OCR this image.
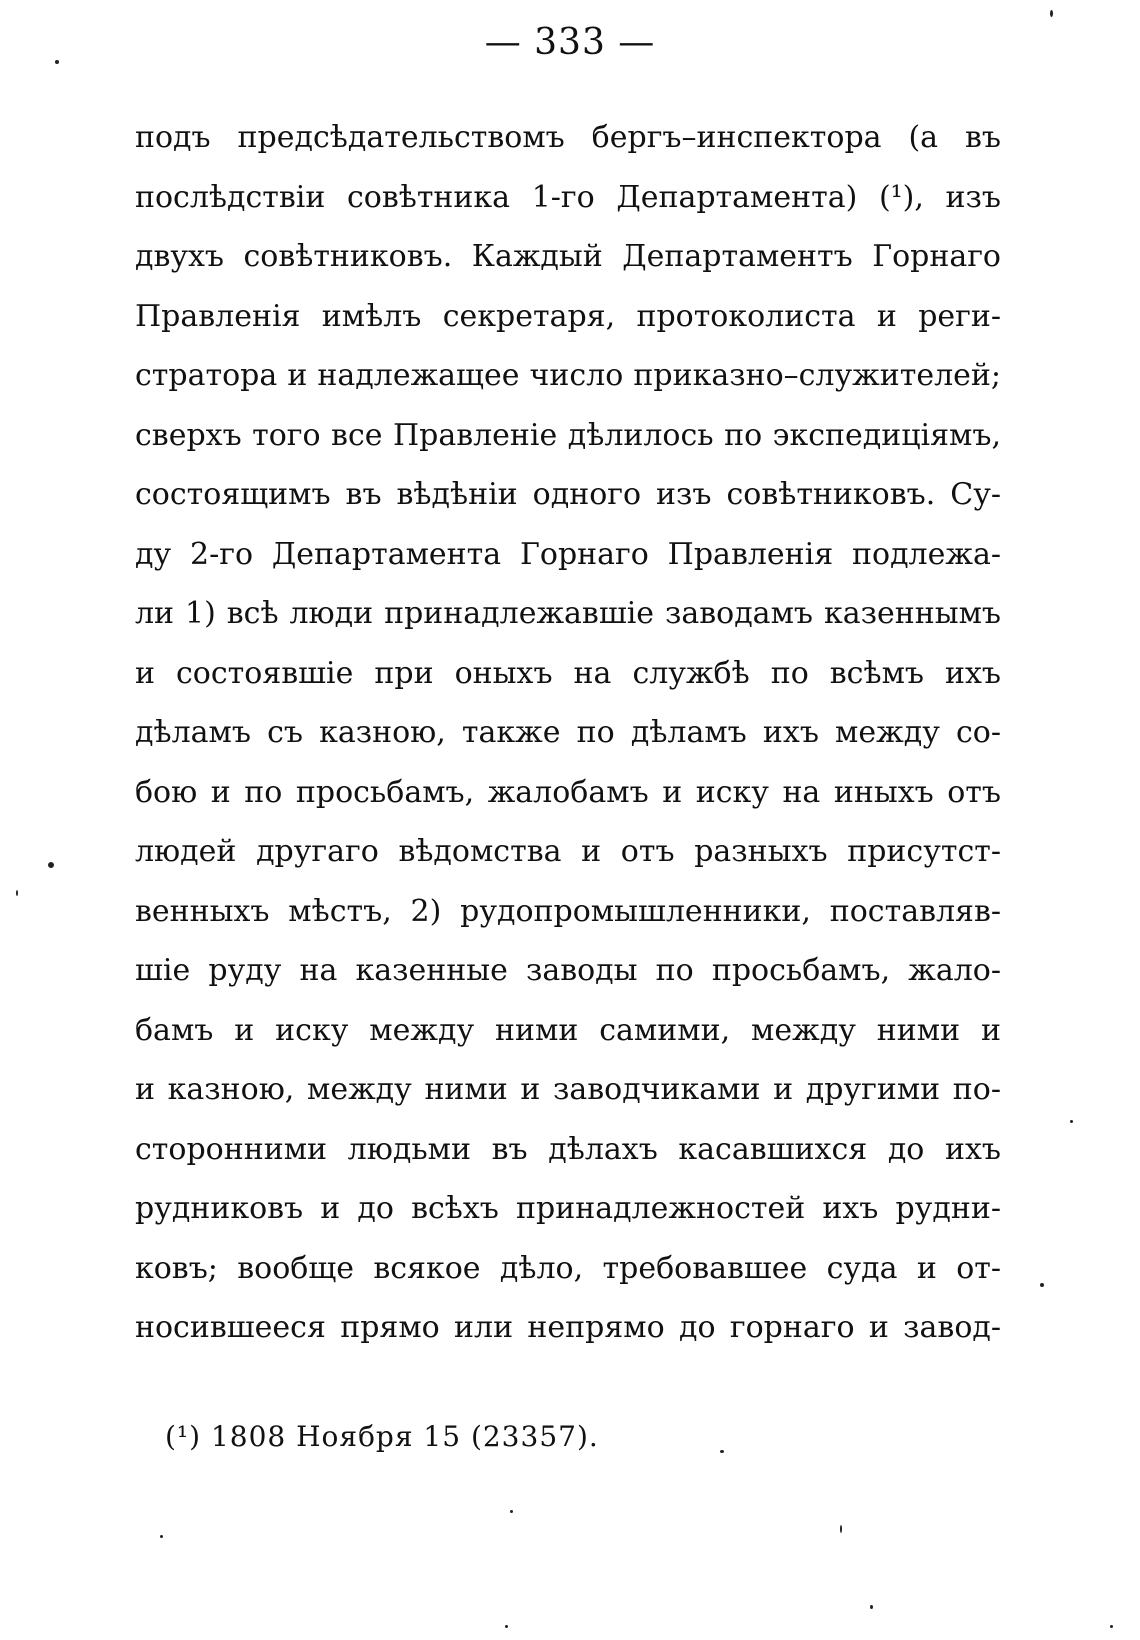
— 333 —
подъ предсѣдательствомъ бергъ–инспектора (а въ
послѣдствіи совѣтника 1-го Департамента) (¹), изъ
двухъ совѣтниковъ. Каждый Департаментъ Горнаго
Правленія имѣлъ секретаря, протоколиста и реги-
стратора и надлежащее число приказно–служителей;
сверхъ того все Правленіе дѣлилось по экспедиціямъ,
состоящимъ въ вѣдѣніи одного изъ совѣтниковъ. Су-
ду 2-го Департамента Горнаго Правленія подлежа-
ли 1) всѣ люди принадлежавшіе заводамъ казеннымъ
и состоявшіе при оныхъ на службѣ по всѣмъ ихъ
дѣламъ съ казною, также по дѣламъ ихъ между со-
бою и по просьбамъ, жалобамъ и иску на иныхъ отъ
людей другаго вѣдомства и отъ разныхъ присутст-
венныхъ мѣстъ, 2) рудопромышленники, поставляв-
шіе руду на казенные заводы по просьбамъ, жало-
бамъ и иску между ними самими, между ними и
и казною, между ними и заводчиками и другими по-
сторонними людьми въ дѣлахъ касавшихся до ихъ
рудниковъ и до всѣхъ принадлежностей ихъ рудни-
ковъ; вообще всякое дѣло, требовавшее суда и от-
носившееся прямо или непрямо до горнаго и завод-
(¹) 1808 Ноября 15 (23357).
